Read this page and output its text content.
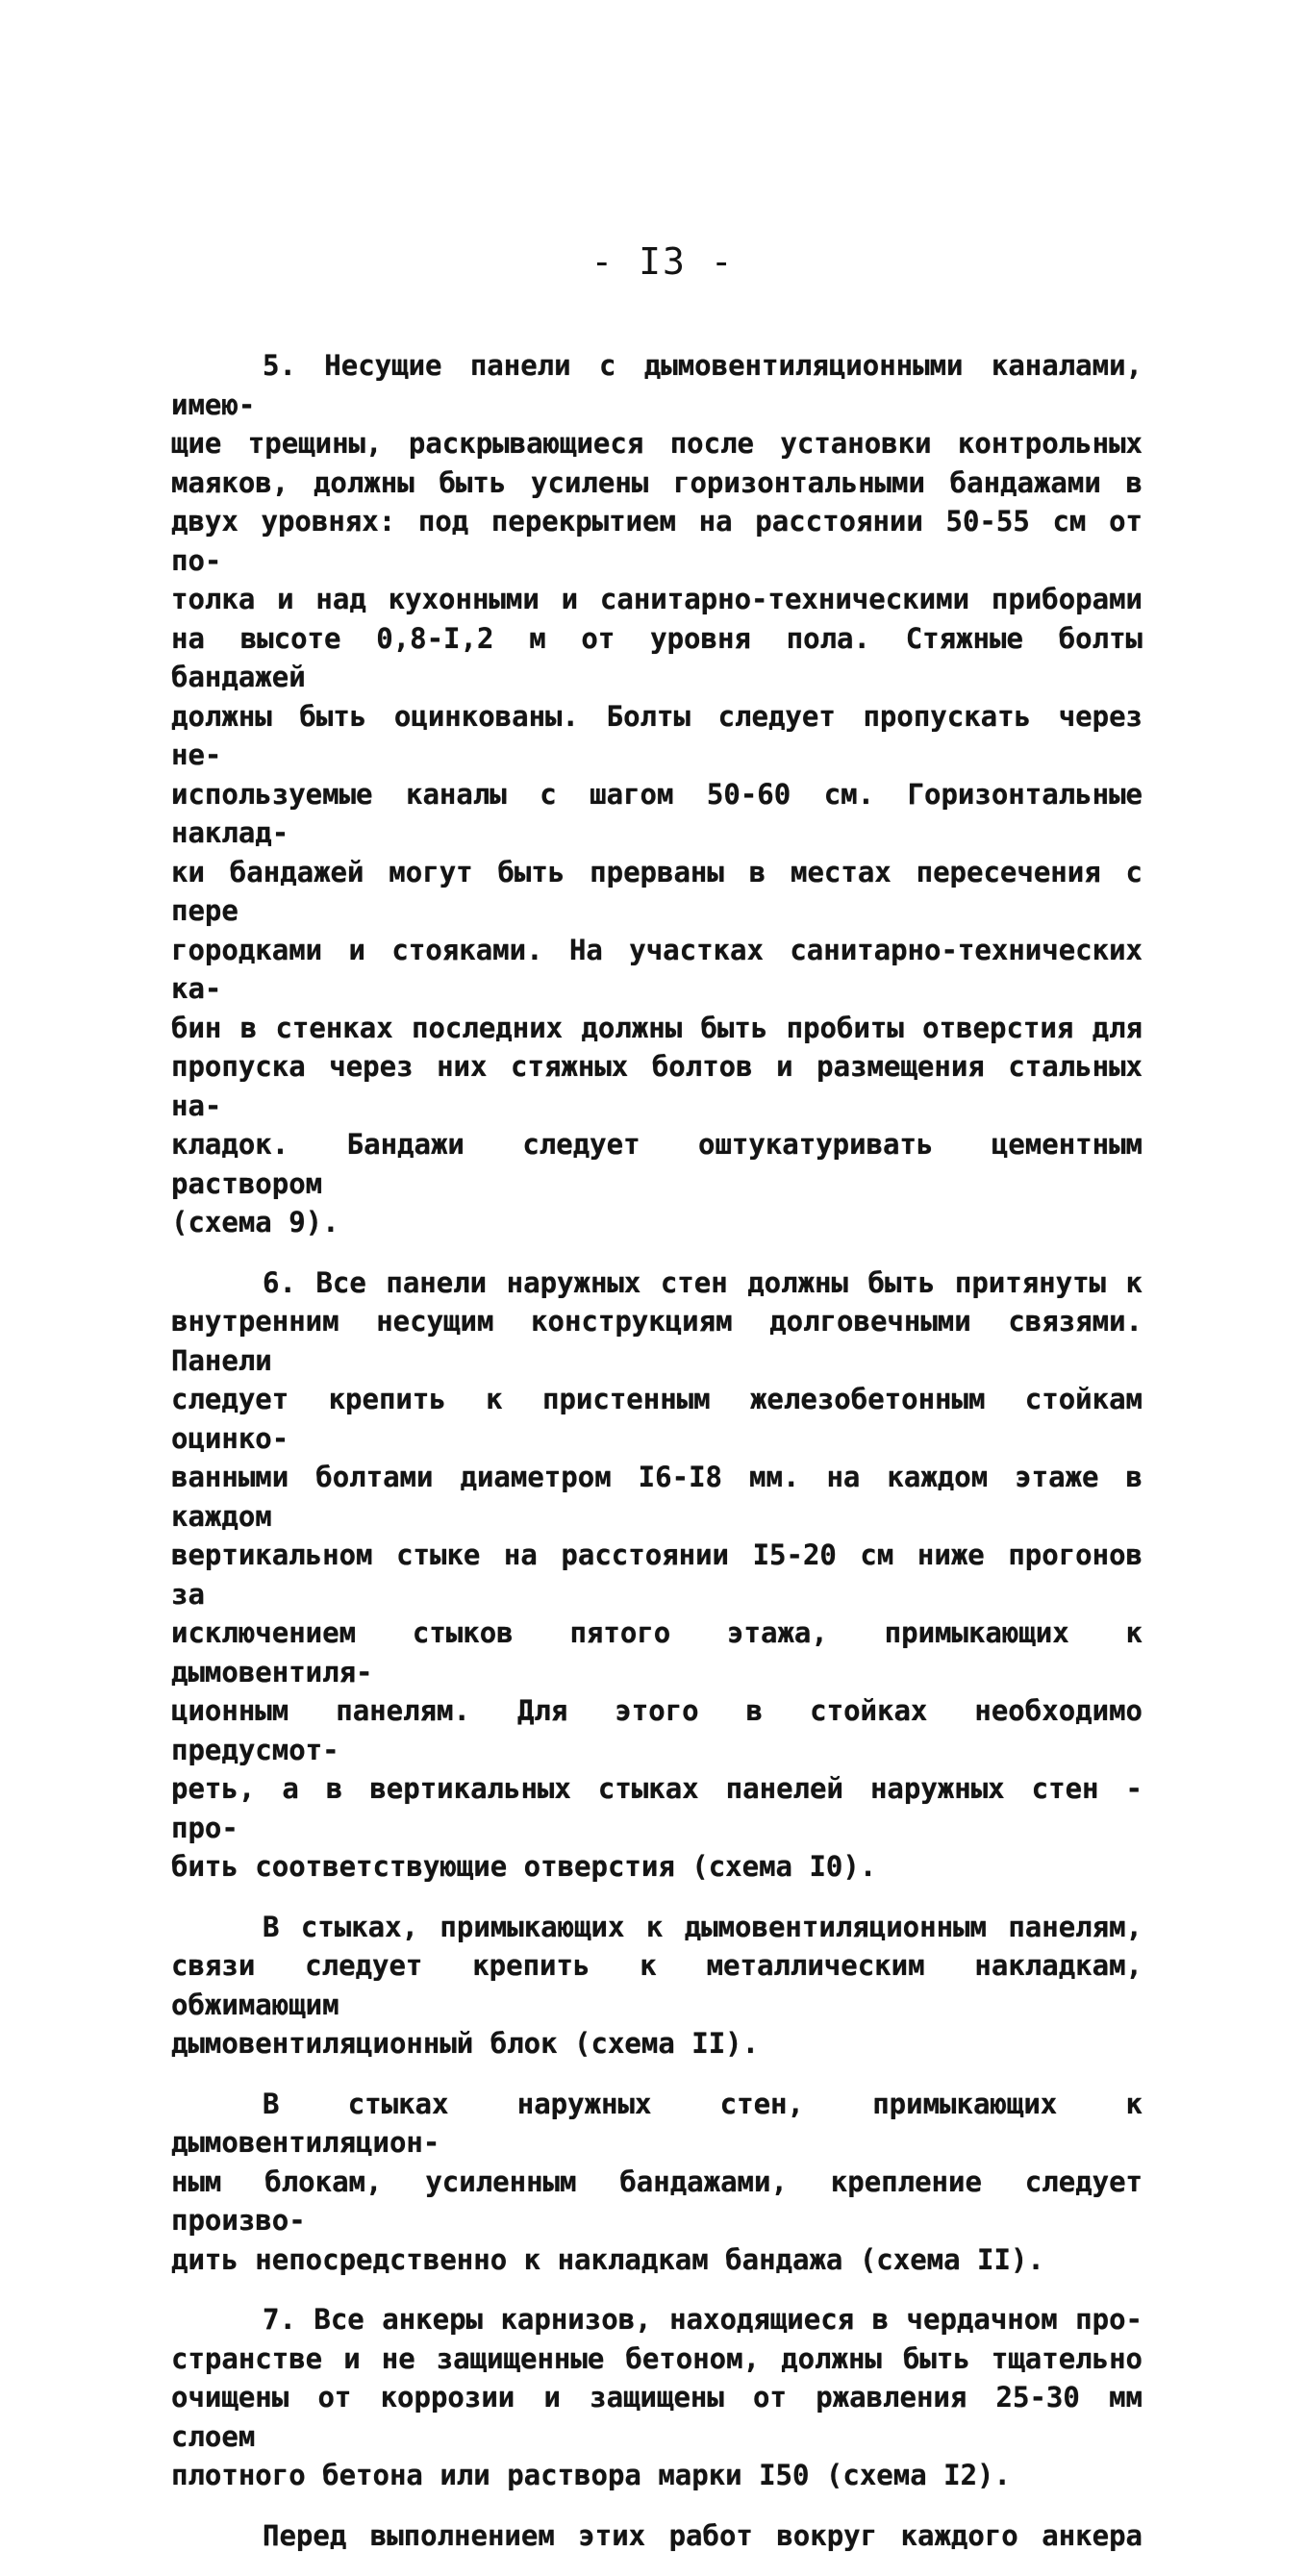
- I3 -
5. Несущие панели с дымовентиляционными каналами, имею-
щие трещины, раскрывающиеся после установки контрольных
маяков, должны быть усилены горизонтальными бандажами в
двух уровнях: под перекрытием на расстоянии 50-55 см от по-
толка и над кухонными и санитарно-техническими приборами
на высоте 0,8-I,2 м от уровня пола. Стяжные болты бандажей
должны быть оцинкованы. Болты следует пропускать через не-
используемые каналы с шагом 50-60 см. Горизонтальные наклад-
ки бандажей могут быть прерваны в местах пересечения с пере
городками и стояками. На участках санитарно-технических ка-
бин в стенках последних должны быть пробиты отверстия для
пропуска через них стяжных болтов и размещения стальных на-
кладок. Бандажи следует оштукатуривать цементным раствором
(схема 9).
6. Все панели наружных стен должны быть притянуты к
внутренним несущим конструкциям долговечными связями. Панели
следует крепить к пристенным железобетонным стойкам оцинко-
ванными болтами диаметром I6-I8 мм. на каждом этаже в каждом
вертикальном стыке на расстоянии I5-20 см ниже прогонов за
исключением стыков пятого этажа, примыкающих к дымовентиля-
ционным панелям. Для этого в стойках необходимо предусмот-
реть, а в вертикальных стыках панелей наружных стен - про-
бить соответствующие отверстия (схема I0).
В стыках, примыкающих к дымовентиляционным панелям,
связи следует крепить к металлическим накладкам, обжимающим
дымовентиляционный блок (схема II).
В стыках наружных стен, примыкающих к дымовентиляцион-
ным блокам, усиленным бандажами, крепление следует произво-
дить непосредственно к накладкам бандажа (схема II).
7. Все анкеры карнизов, находящиеся в чердачном про-
странстве и не защищенные бетоном, должны быть тщательно
очищены от коррозии и защищены от ржавления 25-30 мм слоем
плотного бетона или раствора марки I50 (схема I2).
Перед выполнением этих работ вокруг каждого анкера
